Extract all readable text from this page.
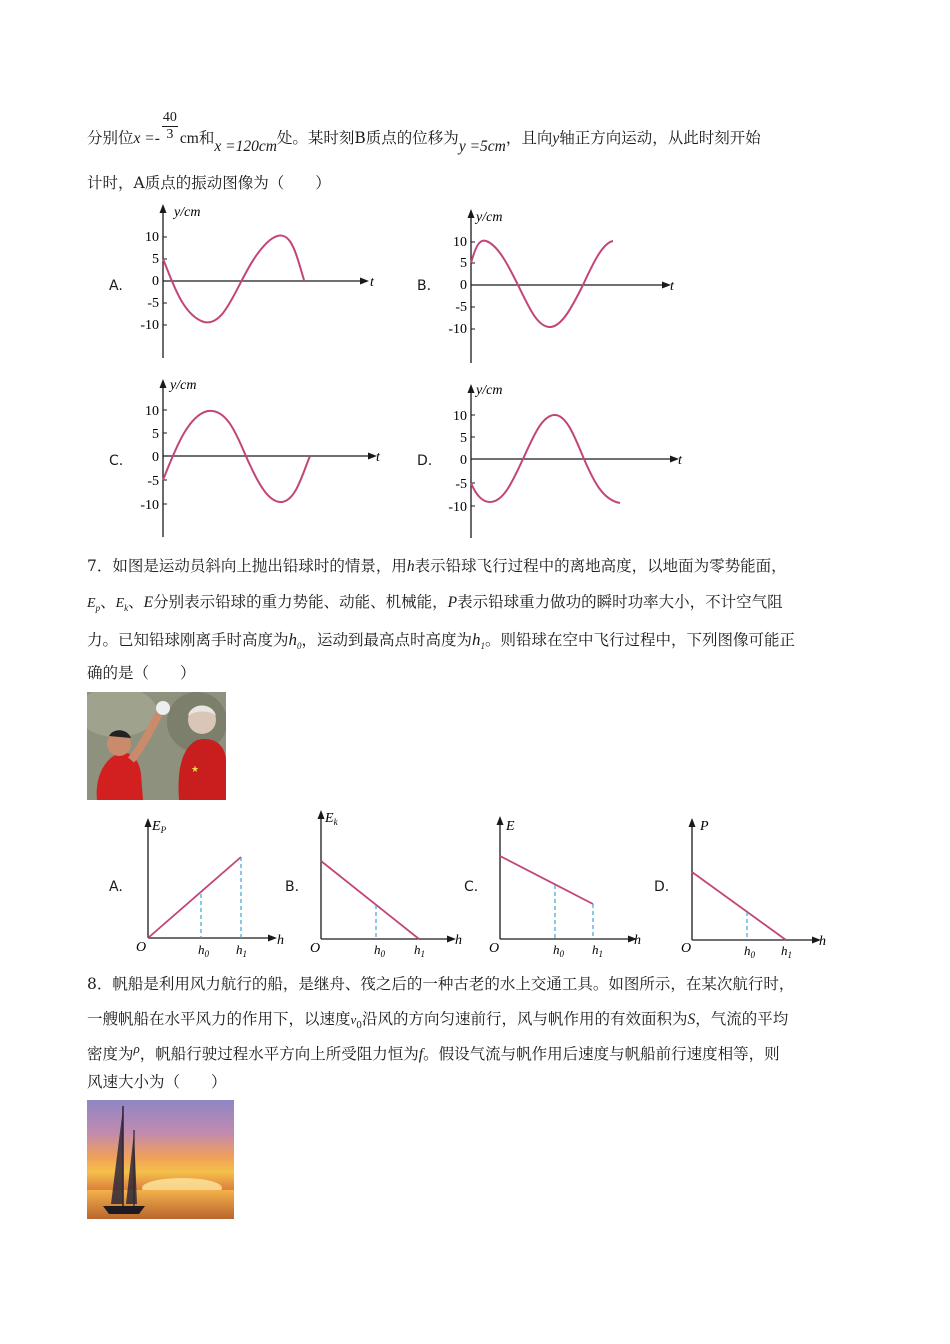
分别位$x =- \frac{40}{3}$ cm和x =120cm处。某时刻B质点的位移为y =5cm，且向y轴正方向运动，从此时刻开始
计时，A质点的振动图像为（　　）
A.	B.
C.	D.
y/cm
t
10
5
0
-5
-10
y/cm
t
10
5
0
-5
-10
y/cm
t
10
5
0
-5
-10
y/cm
t
10
5
0
-5
-10
7．如图是运动员斜向上抛出铅球时的情景，用h表示铅球飞行过程中的离地高度，以地面为零势能面，
$E_p$、$E_k$、E分别表示铅球的重力势能、动能、机械能，P表示铅球重力做功的瞬时功率大小，不计空气阻
力。已知铅球刚离手时高度为$h_0$，运动到最高点时高度为$h_1$。则铅球在空中飞行过程中，下列图像可能正
确的是（　　）
★
A.	B.	C.	D.
$E_P$
O	h
$h_0$ $h_1$
$E_k$
O
h
$h_0$ $h_1$
E
O
h
$h_0$ $h_1$
P
O	h
$h_0$ $h_1$
8．帆船是利用风力航行的船，是继舟、筏之后的一种古老的水上交通工具。如图所示，在某次航行时，
一艘帆船在水平风力的作用下，以速度$v_0$沿风的方向匀速前行，风与帆作用的有效面积为S，气流的平均
密度为$^\rho$，帆船行驶过程水平方向上所受阻力恒为f。假设气流与帆作用后速度与帆船前行速度相等，则
风速大小为（　　）
